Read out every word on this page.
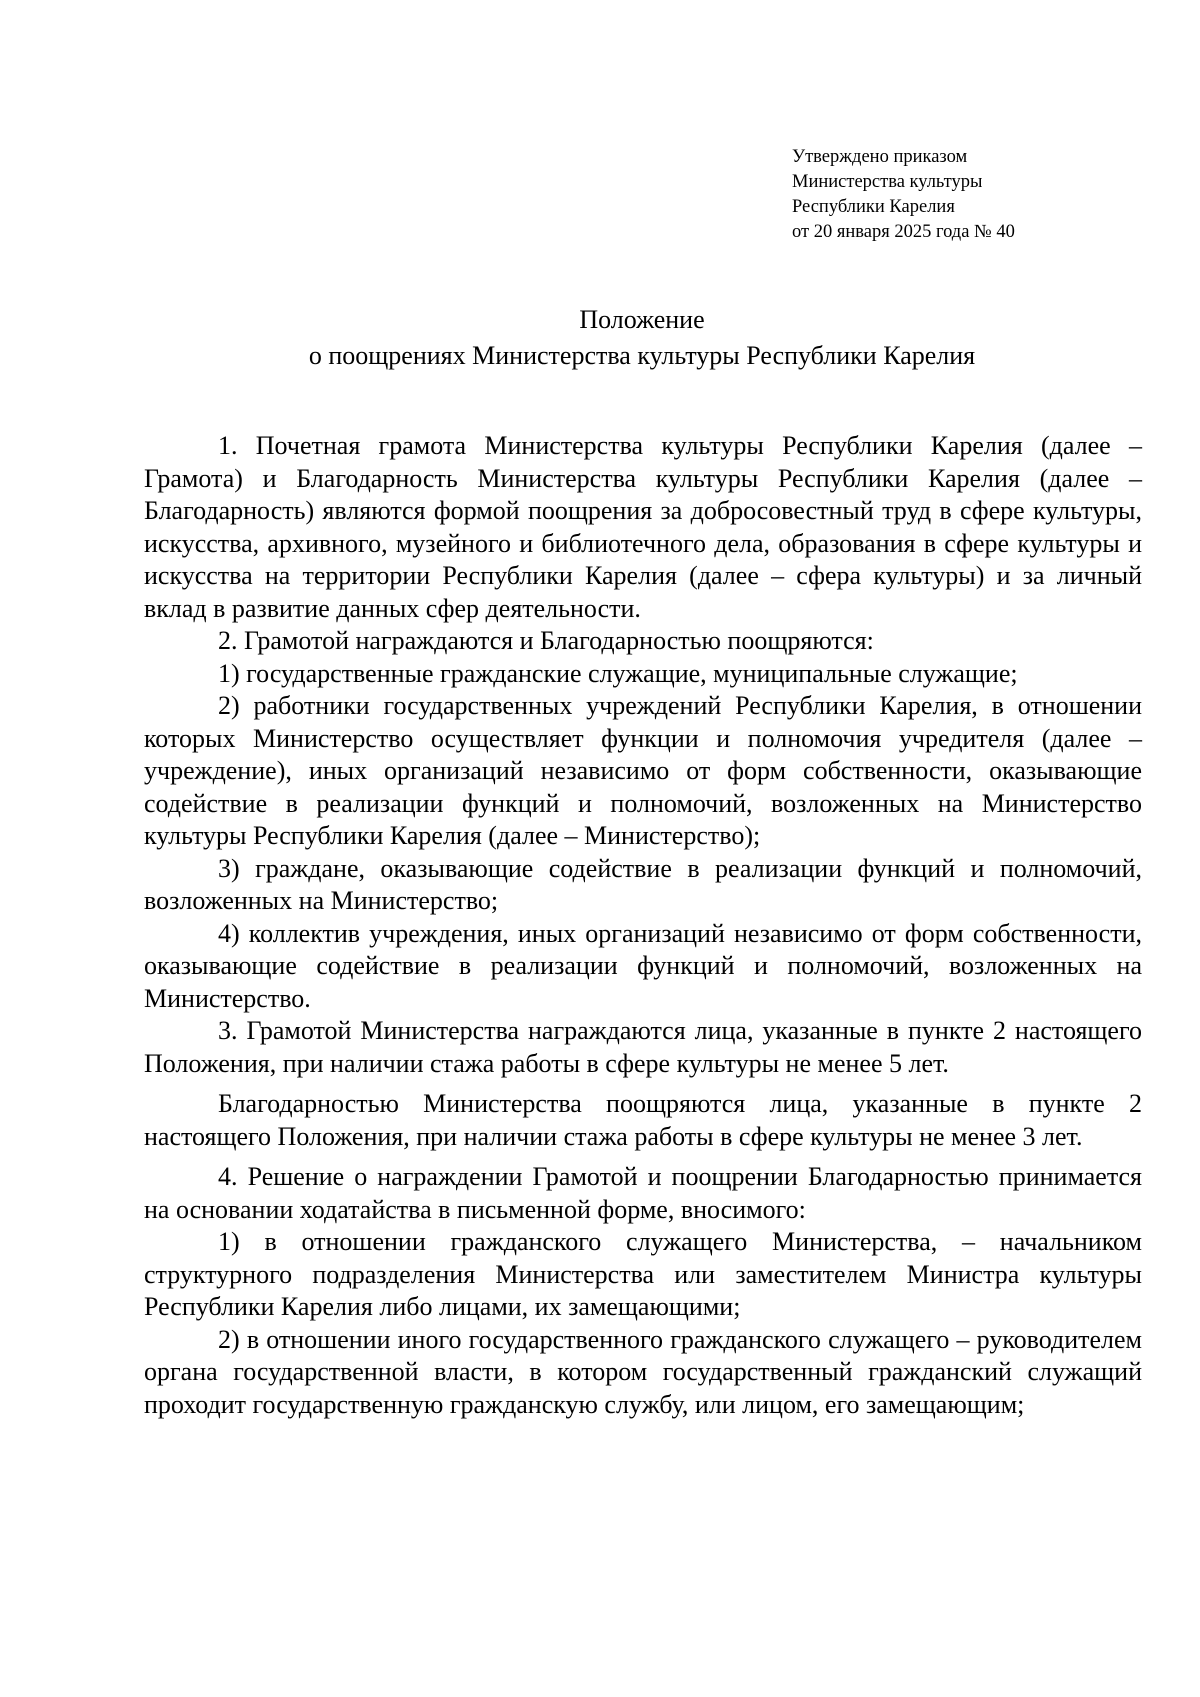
Утверждено приказом
Министерства культуры
Республики Карелия
от 20 января 2025 года № 40
Положение
о поощрениях Министерства культуры Республики Карелия

1. Почетная грамота Министерства культуры Республики Карелия (далее – Грамота) и Благодарность Министерства культуры Республики Карелия (далее – Благодарность) являются формой поощрения за добросовестный труд в сфере культуры, искусства, архивного, музейного и библиотечного дела, образования в сфере культуры и искусства на территории Республики Карелия (далее – сфера культуры) и за личный вклад в развитие данных сфер деятельности.

2. Грамотой награждаются и Благодарностью поощряются:

1) государственные гражданские служащие, муниципальные служащие;

2) работники государственных учреждений Республики Карелия, в отношении которых Министерство осуществляет функции и полномочия учредителя (далее – учреждение), иных организаций независимо от форм собственности, оказывающие содействие в реализации функций и полномочий, возложенных на Министерство культуры Республики Карелия (далее – Министерство);

3) граждане, оказывающие содействие в реализации функций и полномочий, возложенных на Министерство;

4) коллектив учреждения, иных организаций независимо от форм собственности, оказывающие содействие в реализации функций и полномочий, возложенных на Министерство.

3. Грамотой Министерства награждаются лица, указанные в пункте 2 настоящего Положения, при наличии стажа работы в сфере культуры не менее 5 лет.

Благодарностью Министерства поощряются лица, указанные в пункте 2 настоящего Положения, при наличии стажа работы в сфере культуры не менее 3 лет.

4. Решение о награждении Грамотой и поощрении Благодарностью принимается на основании ходатайства в письменной форме, вносимого:

1) в отношении гражданского служащего Министерства, – начальником структурного подразделения Министерства или заместителем Министра культуры Республики Карелия либо лицами, их замещающими;

2) в отношении иного государственного гражданского служащего – руководителем органа государственной власти, в котором государственный гражданский служащий проходит государственную гражданскую службу, или лицом, его замещающим;
